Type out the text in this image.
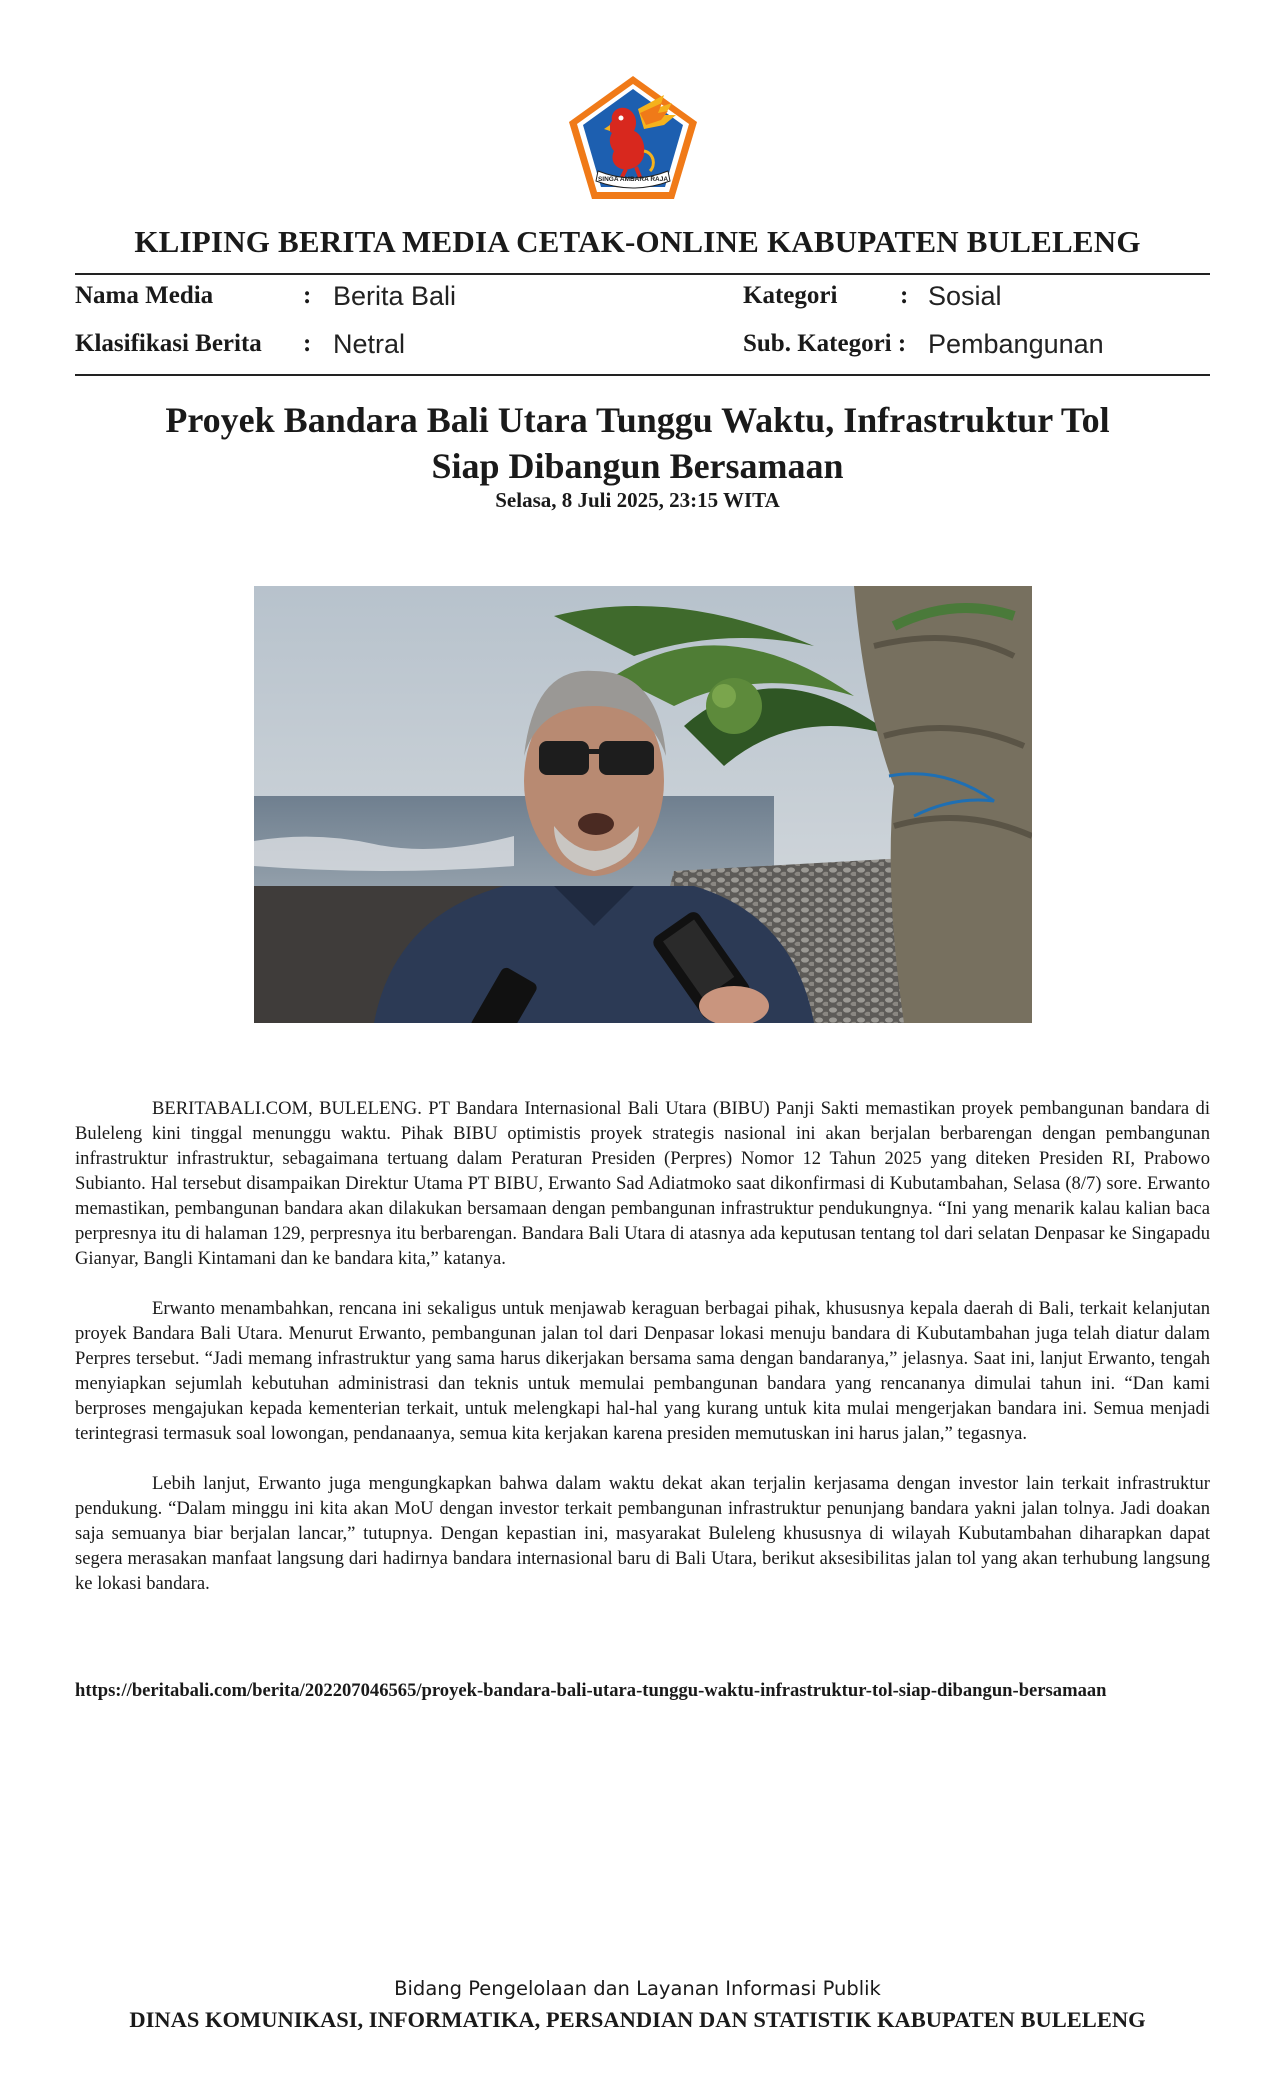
SINGA AMBARA RAJA
KLIPING BERITA MEDIA CETAK-ONLINE KABUPATEN BULELENG
Nama Media	: Berita Bali
Klasifikasi Berita : Netral
Kategori	: Sosial
Sub. Kategori : Pembangunan
Proyek Bandara Bali Utara Tunggu Waktu, Infrastruktur Tol
Siap Dibangun Bersamaan
Selasa, 8 Juli 2025, 23:15 WITA

BERITABALI.COM, BULELENG. PT Bandara Internasional Bali Utara (BIBU) Panji Sakti memastikan proyek pembangunan bandara di Buleleng kini tinggal menunggu waktu. Pihak BIBU optimistis proyek strategis nasional ini akan berjalan berbarengan dengan pembangunan infrastruktur infrastruktur, sebagaimana tertuang dalam Peraturan Presiden (Perpres) Nomor 12 Tahun 2025 yang diteken Presiden RI, Prabowo Subianto. Hal tersebut disampaikan Direktur Utama PT BIBU, Erwanto Sad Adiatmoko saat dikonfirmasi di Kubutambahan, Selasa (8/7) sore. Erwanto memastikan, pembangunan bandara akan dilakukan bersamaan dengan pembangunan infrastruktur pendukungnya. “Ini yang menarik kalau kalian baca perpresnya itu di halaman 129, perpresnya itu berbarengan. Bandara Bali Utara di atasnya ada keputusan tentang tol dari selatan Denpasar ke Singapadu Gianyar, Bangli Kintamani dan ke bandara kita,” katanya.

Erwanto menambahkan, rencana ini sekaligus untuk menjawab keraguan berbagai pihak, khususnya kepala daerah di Bali, terkait kelanjutan proyek Bandara Bali Utara. Menurut Erwanto, pembangunan jalan tol dari Denpasar lokasi menuju bandara di Kubutambahan juga telah diatur dalam Perpres tersebut. “Jadi memang infrastruktur yang sama harus dikerjakan bersama sama dengan bandaranya,” jelasnya. Saat ini, lanjut Erwanto, tengah menyiapkan sejumlah kebutuhan administrasi dan teknis untuk memulai pembangunan bandara yang rencananya dimulai tahun ini. “Dan kami berproses mengajukan kepada kementerian terkait, untuk melengkapi hal-hal yang kurang untuk kita mulai mengerjakan bandara ini. Semua menjadi terintegrasi termasuk soal lowongan, pendanaanya, semua kita kerjakan karena presiden memutuskan ini harus jalan,” tegasnya.

Lebih lanjut, Erwanto juga mengungkapkan bahwa dalam waktu dekat akan terjalin kerjasama dengan investor lain terkait infrastruktur pendukung. “Dalam minggu ini kita akan MoU dengan investor terkait pembangunan infrastruktur penunjang bandara yakni jalan tolnya. Jadi doakan saja semuanya biar berjalan lancar,” tutupnya. Dengan kepastian ini, masyarakat Buleleng khususnya di wilayah Kubutambahan diharapkan dapat segera merasakan manfaat langsung dari hadirnya bandara internasional baru di Bali Utara, berikut aksesibilitas jalan tol yang akan terhubung langsung ke lokasi bandara.

https://beritabali.com/berita/202207046565/proyek-bandara-bali-utara-tunggu-waktu-infrastruktur-tol-siap-dibangun-bersamaan
Bidang Pengelolaan dan Layanan Informasi Publik
DINAS KOMUNIKASI, INFORMATIKA, PERSANDIAN DAN STATISTIK KABUPATEN BULELENG
